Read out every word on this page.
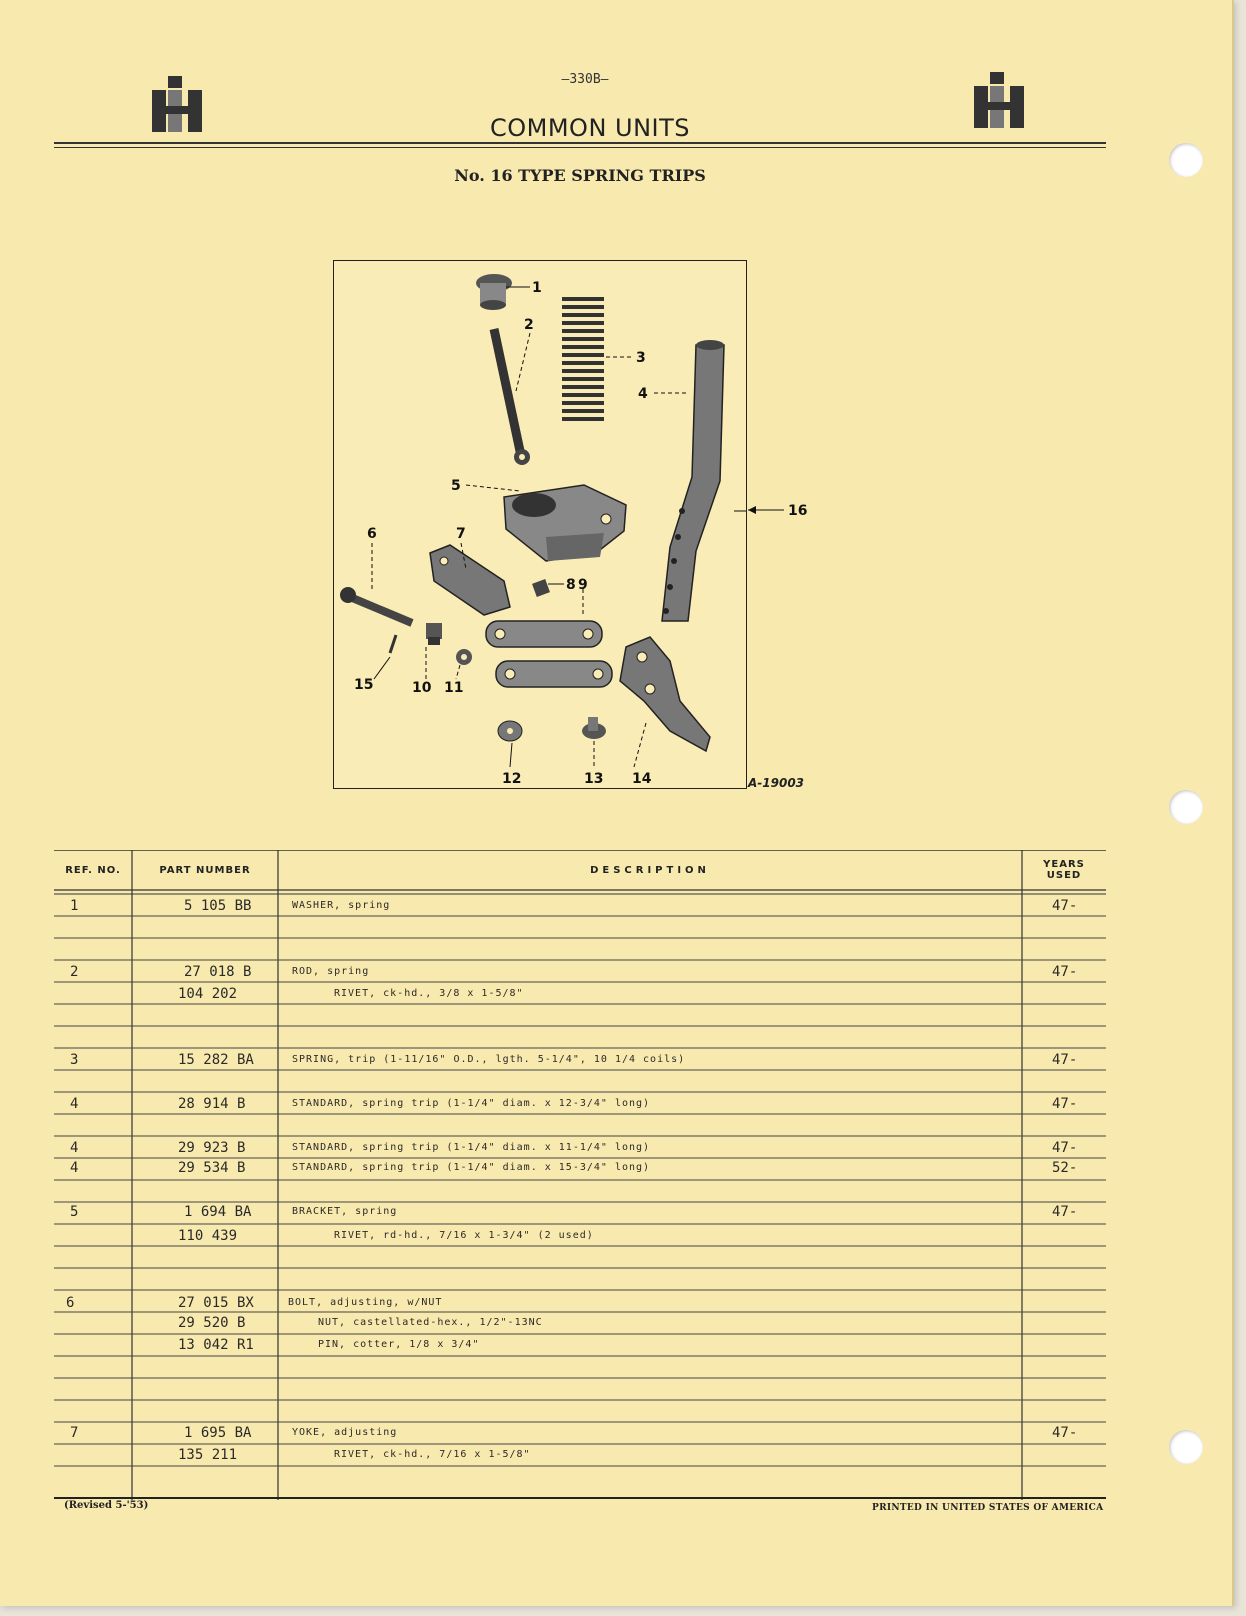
—330B—
COMMON UNITS
No. 16 TYPE SPRING TRIPS
1
2
3
4
5
6	7
8 9
10 11
12	13 14
15
16
A-19003
REF. NO.	PART NUMBER	DESCRIPTION	YEARS
USED
1	5 105 BB	WASHER, spring	47-
2	27 018 B	ROD, spring	47-
104 202	RIVET, ck-hd., 3/8 x 1-5/8"
3	15 282 BA	SPRING, trip (1-11/16" O.D., lgth. 5-1/4", 10 1/4 coils)	47-
4	28 914 B	STANDARD, spring trip (1-1/4" diam. x 12-3/4" long)	47-
4	29 923 B	STANDARD, spring trip (1-1/4" diam. x 11-1/4" long)	47-
4	29 534 B	STANDARD, spring trip (1-1/4" diam. x 15-3/4" long)	52-
5	1 694 BA	BRACKET, spring	47-
110 439	RIVET, rd-hd., 7/16 x 1-3/4" (2 used)
6	27 015 BX	BOLT, adjusting, w/NUT
29 520 B	NUT, castellated-hex., 1/2"-13NC
13 042 R1	PIN, cotter, 1/8 x 3/4"
7	1 695 BA	YOKE, adjusting	47-
135 211	RIVET, ck-hd., 7/16 x 1-5/8"
(Revised 5-'53)	PRINTED IN UNITED STATES OF AMERICA
